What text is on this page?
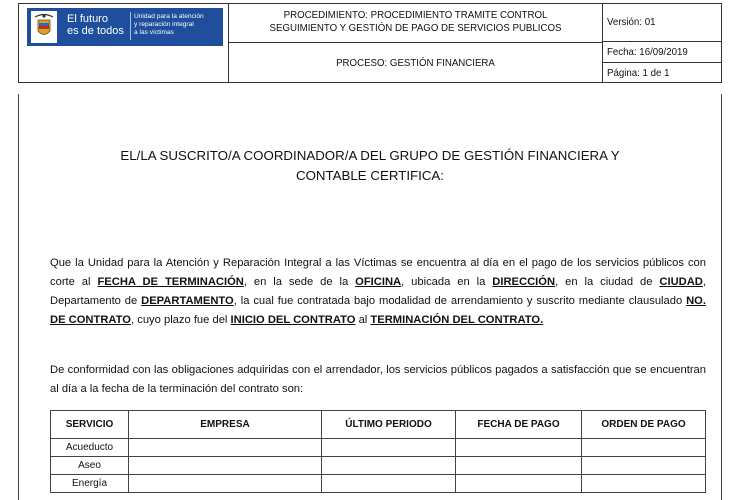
El futuro
es de todos
Unidad para la atención
y reparación integral
a las víctimas
PROCEDIMIENTO: PROCEDIMIENTO TRAMITE CONTROL
SEGUIMIENTO Y GESTIÓN DE PAGO DE SERVICIOS PUBLICOS
PROCESO: GESTIÓN FINANCIERA
Versión: 01
Fecha: 16/09/2019
Página: 1 de 1
EL/LA SUSCRITO/A COORDINADOR/A DEL GRUPO DE GESTIÓN FINANCIERA Y
CONTABLE CERTIFICA:
Que la Unidad para la Atención y Reparación Integral a las Víctimas se encuentra al día en el pago de los servicios públicos con corte al FECHA DE TERMINACIÓN, en la sede de la OFICINA, ubicada en la DIRECCIÓN, en la ciudad de CIUDAD, Departamento de DEPARTAMENTO, la cual fue contratada bajo modalidad de arrendamiento y suscrito mediante clausulado NO. DE CONTRATO, cuyo plazo fue del INICIO DEL CONTRATO al TERMINACIÓN DEL CONTRATO.
De conformidad con las obligaciones adquiridas con el arrendador, los servicios públicos pagados a satisfacción que se encuentran al día a la fecha de la terminación del contrato son:
SERVICIO	EMPRESA	ÚLTIMO PERIODO	FECHA DE PAGO	ORDEN DE PAGO
Acueducto				
Aseo				
Energía				
